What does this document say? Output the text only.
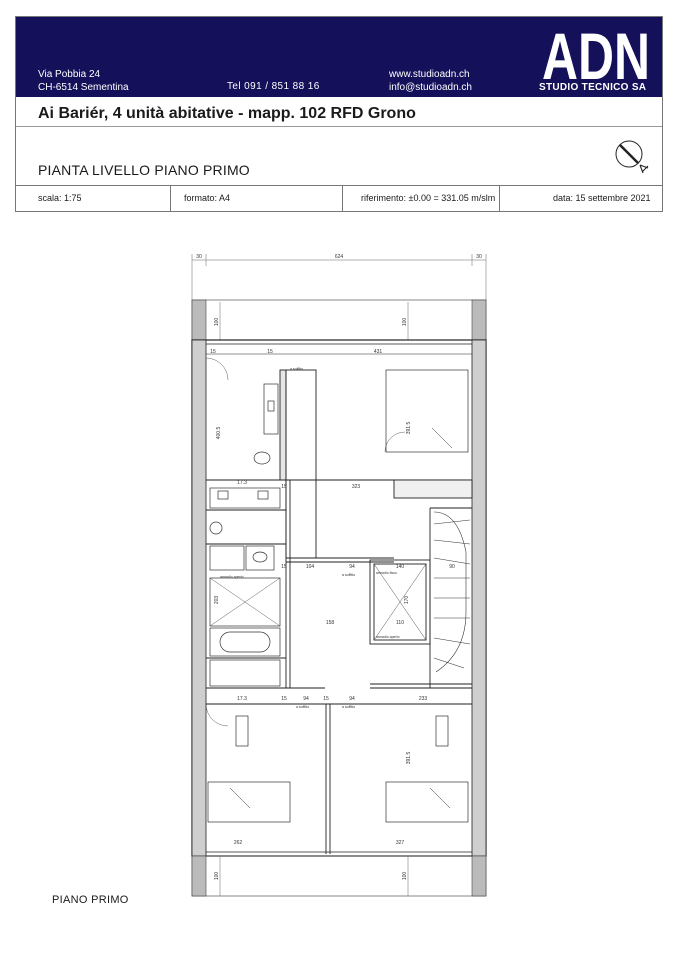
Via Pobbia 24
CH-6514 Sementina	Tel 091 / 851 88 16
www.studioadn.ch
info@studioadn.ch ADN
STUDIO TECNICO SA
Ai Bariér, 4 unità abitative - mapp. 102 RFD Grono
PIANTA LIVELLO PIANO PRIMO
scala: 1:75	formato: A4	riferimento: ±0.00 = 331.05 m/slm	data: 15 settembre 2021
30	624	30
100	100
400.5
17.3
armadio aperto
203
431
391.5
323
a soffitto
90
104	94	140
170
158	110
a soffitto
armadio aperto
17.3	94	94	233
a soffitto	a soffitto
armadio fisso
391.5
262	327
15	15
15
15
15	15
100	100
PIANO PRIMO
